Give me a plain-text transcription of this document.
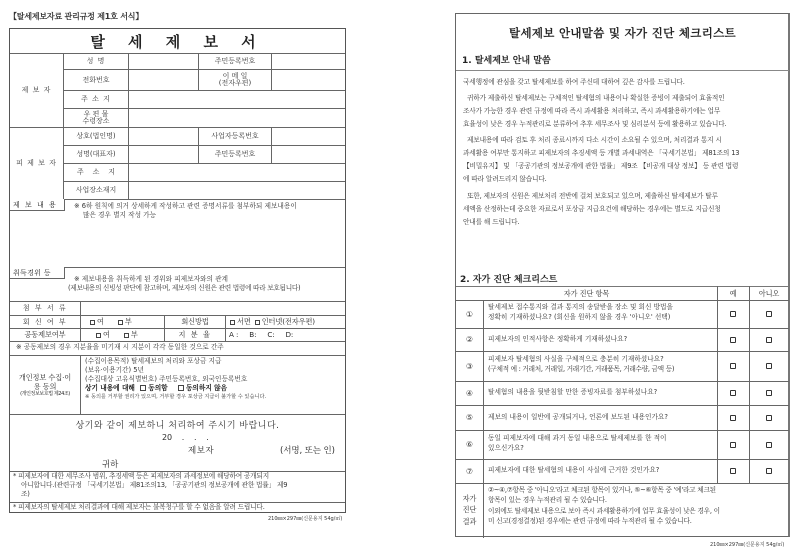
【탈세제보자료 관리규정 제1호 서식】
탈 세 제 보 서
제 보 자
성 명	주민등록번호
전화번호	이 메 일
(전자우편)
주 소 지
우 편 물
수령장소
피 제 보 자
상호(법인명)	사업자등록번호
성명(대표자)	주민등록번호
주    소    지
사업장소재지
제 보 내 용	※ 6하 원칙에 의거 상세하게 작성하고 관련 증명서류를 첨부하되 제보내용이
많은 경우 별지 작성 가능
취득경위 등
※ 제보내용을 취득하게 된 경위와 피제보자와의 관계
(제보내용의 신빙성 판단에 참고하며, 제보자의 신원은 관련 법령에 따라 보호됩니다)
첨 부 서 류
회 신 여 부	여	부	회신방법	서면	인터넷(전자우편)
공동제보여부	여	부	지 분 율	A :     B:     C:     D:
※ 공동제보의 경우 지분율을 미기재 시 지분이 각각 동일한 것으로 간주
개인정보 수집·이
용 동의
(개인정보보호법 제24조)
(수집이용목적) 탈세제보의 처리와 포상금 지급
(보유·이용기간) 5년
(수집대상 고유식별번호) 주민등록번호, 외국인등록번호
상기 내용에 대해 동의함	동의하지 않음
※ 동의를 거부할 권리가 있으며, 거부할 경우 포상금 지급이 불가할 수 있습니다.
상기와 같이 제보하니 처리하여 주시기 바랍니다.
20    .    .    .
제보자	(서명, 또는 인)
귀하
* 피제보자에 대한 세무조사 범위, 추징세액 등은 피제보자의 과세정보에 해당하여 공개되지
아니합니다.(관련규정 「국세기본법」 제81조의13, 「공공기관의 정보공개에 관한 법률」 제9
조)
* 피제보자의 탈세제보 처리결과에 대해 제보자는 불복청구를 할 수 없음을 알려 드립니다.
210㎜×297㎜(신문용지 54g/㎡)
탈세제보 안내말씀 및 자가 진단 체크리스트
1. 탈세제보 안내 말씀
국세행정에 관심을 갖고 탈세제보를 하여 주신데 대하여 깊은 감사를 드립니다.
귀하가 제출하신 탈세제보는 구체적인 탈세혐의 내용이나 확실한 증빙이 제출되어 효율적인
조사가 가능한 경우 관련 규정에 따라 즉시 과세활용 처리하고, 즉시 과세활용하기에는 업무
효율성이 낮은 경우 누적관리로 분류하여 추후 세무조사 및 심리분석 등에 활용하고 있습니다.
제보내용에 따라 검토 후 처리 종료시까지 다소 시간이 소요될 수 있으며, 처리결과 통지 시
과세활용 여부만 통지하고 피제보자의 추징세액 등 개별 과세내역은 「국세기본법」 제81조의 13
【비밀유지】 및 「공공기관의 정보공개에 관한 법률」 제9조 【비공개 대상 정보】 등 관련 법령
에 따라 알려드리지 않습니다.
또한, 제보자의 신원은 제보처리 전반에 걸쳐 보호되고 있으며, 제출하신 탈세제보가 탈루
세액을 산정하는데 중요한 자료로서 포상금 지급요건에 해당하는 경우에는 별도로 지급신청
안내를 해 드립니다.
2. 자가 진단 체크리스트
자가 진단 항목	예	아니오
①
탈세제보 접수통지와 결과 통지의 송달받을 장소 및 회신 방법을
정확히 기재하셨나요? (회신을 원하지 않을 경우 '아니오' 선택)
②	피제보자의 인적사항은 정확하게 기재하셨나요?
③
피제보자 탈세혐의 사실을 구체적으로 충분히 기재하셨나요?
(구체적 예 : 거래처, 거래일, 거래기간, 거래품목, 거래수량, 금액 등)
④	탈세혐의 내용을 뒷받침할 만한 증빙자료를 첨부하셨나요?
⑤	제보의 내용이 일반에 공개되거나, 언론에 보도된 내용인가요?
⑥
동일 피제보자에 대해 과거 동일 내용으로 탈세제보를 한 적이
있으신가요?
⑦	피제보자에 대한 탈세혐의 내용이 사실에 근거한 것인가요?
자가
진단
결과
②~④,⑦항목 중 '아니오'라고 체크된 항목이 있거나, ⑤~⑥항목 중 '예'라고 체크된
항목이 있는 경우 누적관리 될 수 있습니다.
이외에도 탈세제보 내용으로 보아 즉시 과세활용하기에 업무 효율성이 낮은 경우, 이
미 신고(경정결정)된 경우에는 관련 규정에 따라 누적관리 될 수 있습니다.
210㎜×297㎜(신문용지 54g/㎡)
